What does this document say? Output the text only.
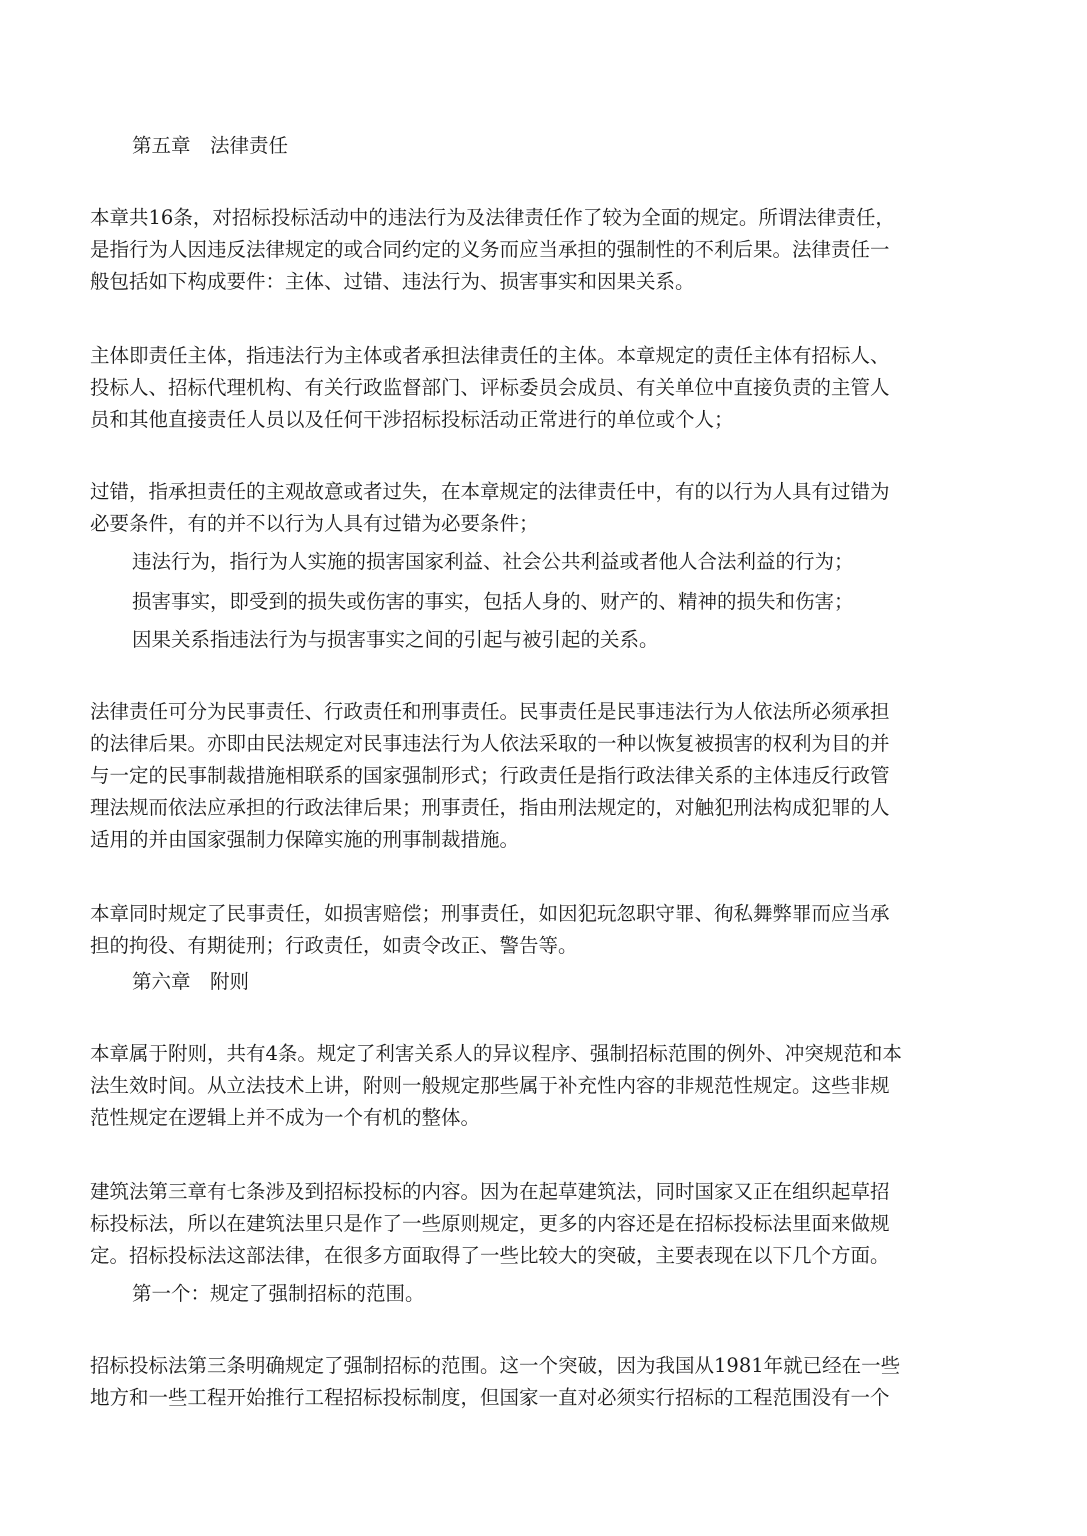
第五章　法律责任
本章共16条，对招标投标活动中的违法行为及法律责任作了较为全面的规定。所谓法律责任，
是指行为人因违反法律规定的或合同约定的义务而应当承担的强制性的不利后果。法律责任一
般包括如下构成要件：主体、过错、违法行为、损害事实和因果关系。
主体即责任主体，指违法行为主体或者承担法律责任的主体。本章规定的责任主体有招标人、
投标人、招标代理机构、有关行政监督部门、评标委员会成员、有关单位中直接负责的主管人
员和其他直接责任人员以及任何干涉招标投标活动正常进行的单位或个人；
过错，指承担责任的主观故意或者过失，在本章规定的法律责任中，有的以行为人具有过错为
必要条件，有的并不以行为人具有过错为必要条件；
违法行为，指行为人实施的损害国家利益、社会公共利益或者他人合法利益的行为；
损害事实，即受到的损失或伤害的事实，包括人身的、财产的、精神的损失和伤害；
因果关系指违法行为与损害事实之间的引起与被引起的关系。
法律责任可分为民事责任、行政责任和刑事责任。民事责任是民事违法行为人依法所必须承担
的法律后果。亦即由民法规定对民事违法行为人依法采取的一种以恢复被损害的权利为目的并
与一定的民事制裁措施相联系的国家强制形式；行政责任是指行政法律关系的主体违反行政管
理法规而依法应承担的行政法律后果；刑事责任，指由刑法规定的，对触犯刑法构成犯罪的人
适用的并由国家强制力保障实施的刑事制裁措施。
本章同时规定了民事责任，如损害赔偿；刑事责任，如因犯玩忽职守罪、徇私舞弊罪而应当承
担的拘役、有期徒刑；行政责任，如责令改正、警告等。
第六章　附则
本章属于附则，共有4条。规定了利害关系人的异议程序、强制招标范围的例外、冲突规范和本
法生效时间。从立法技术上讲，附则一般规定那些属于补充性内容的非规范性规定。这些非规
范性规定在逻辑上并不成为一个有机的整体。
建筑法第三章有七条涉及到招标投标的内容。因为在起草建筑法，同时国家又正在组织起草招
标投标法，所以在建筑法里只是作了一些原则规定，更多的内容还是在招标投标法里面来做规
定。招标投标法这部法律，在很多方面取得了一些比较大的突破，主要表现在以下几个方面。
第一个：规定了强制招标的范围。
招标投标法第三条明确规定了强制招标的范围。这一个突破，因为我国从1981年就已经在一些
地方和一些工程开始推行工程招标投标制度，但国家一直对必须实行招标的工程范围没有一个
